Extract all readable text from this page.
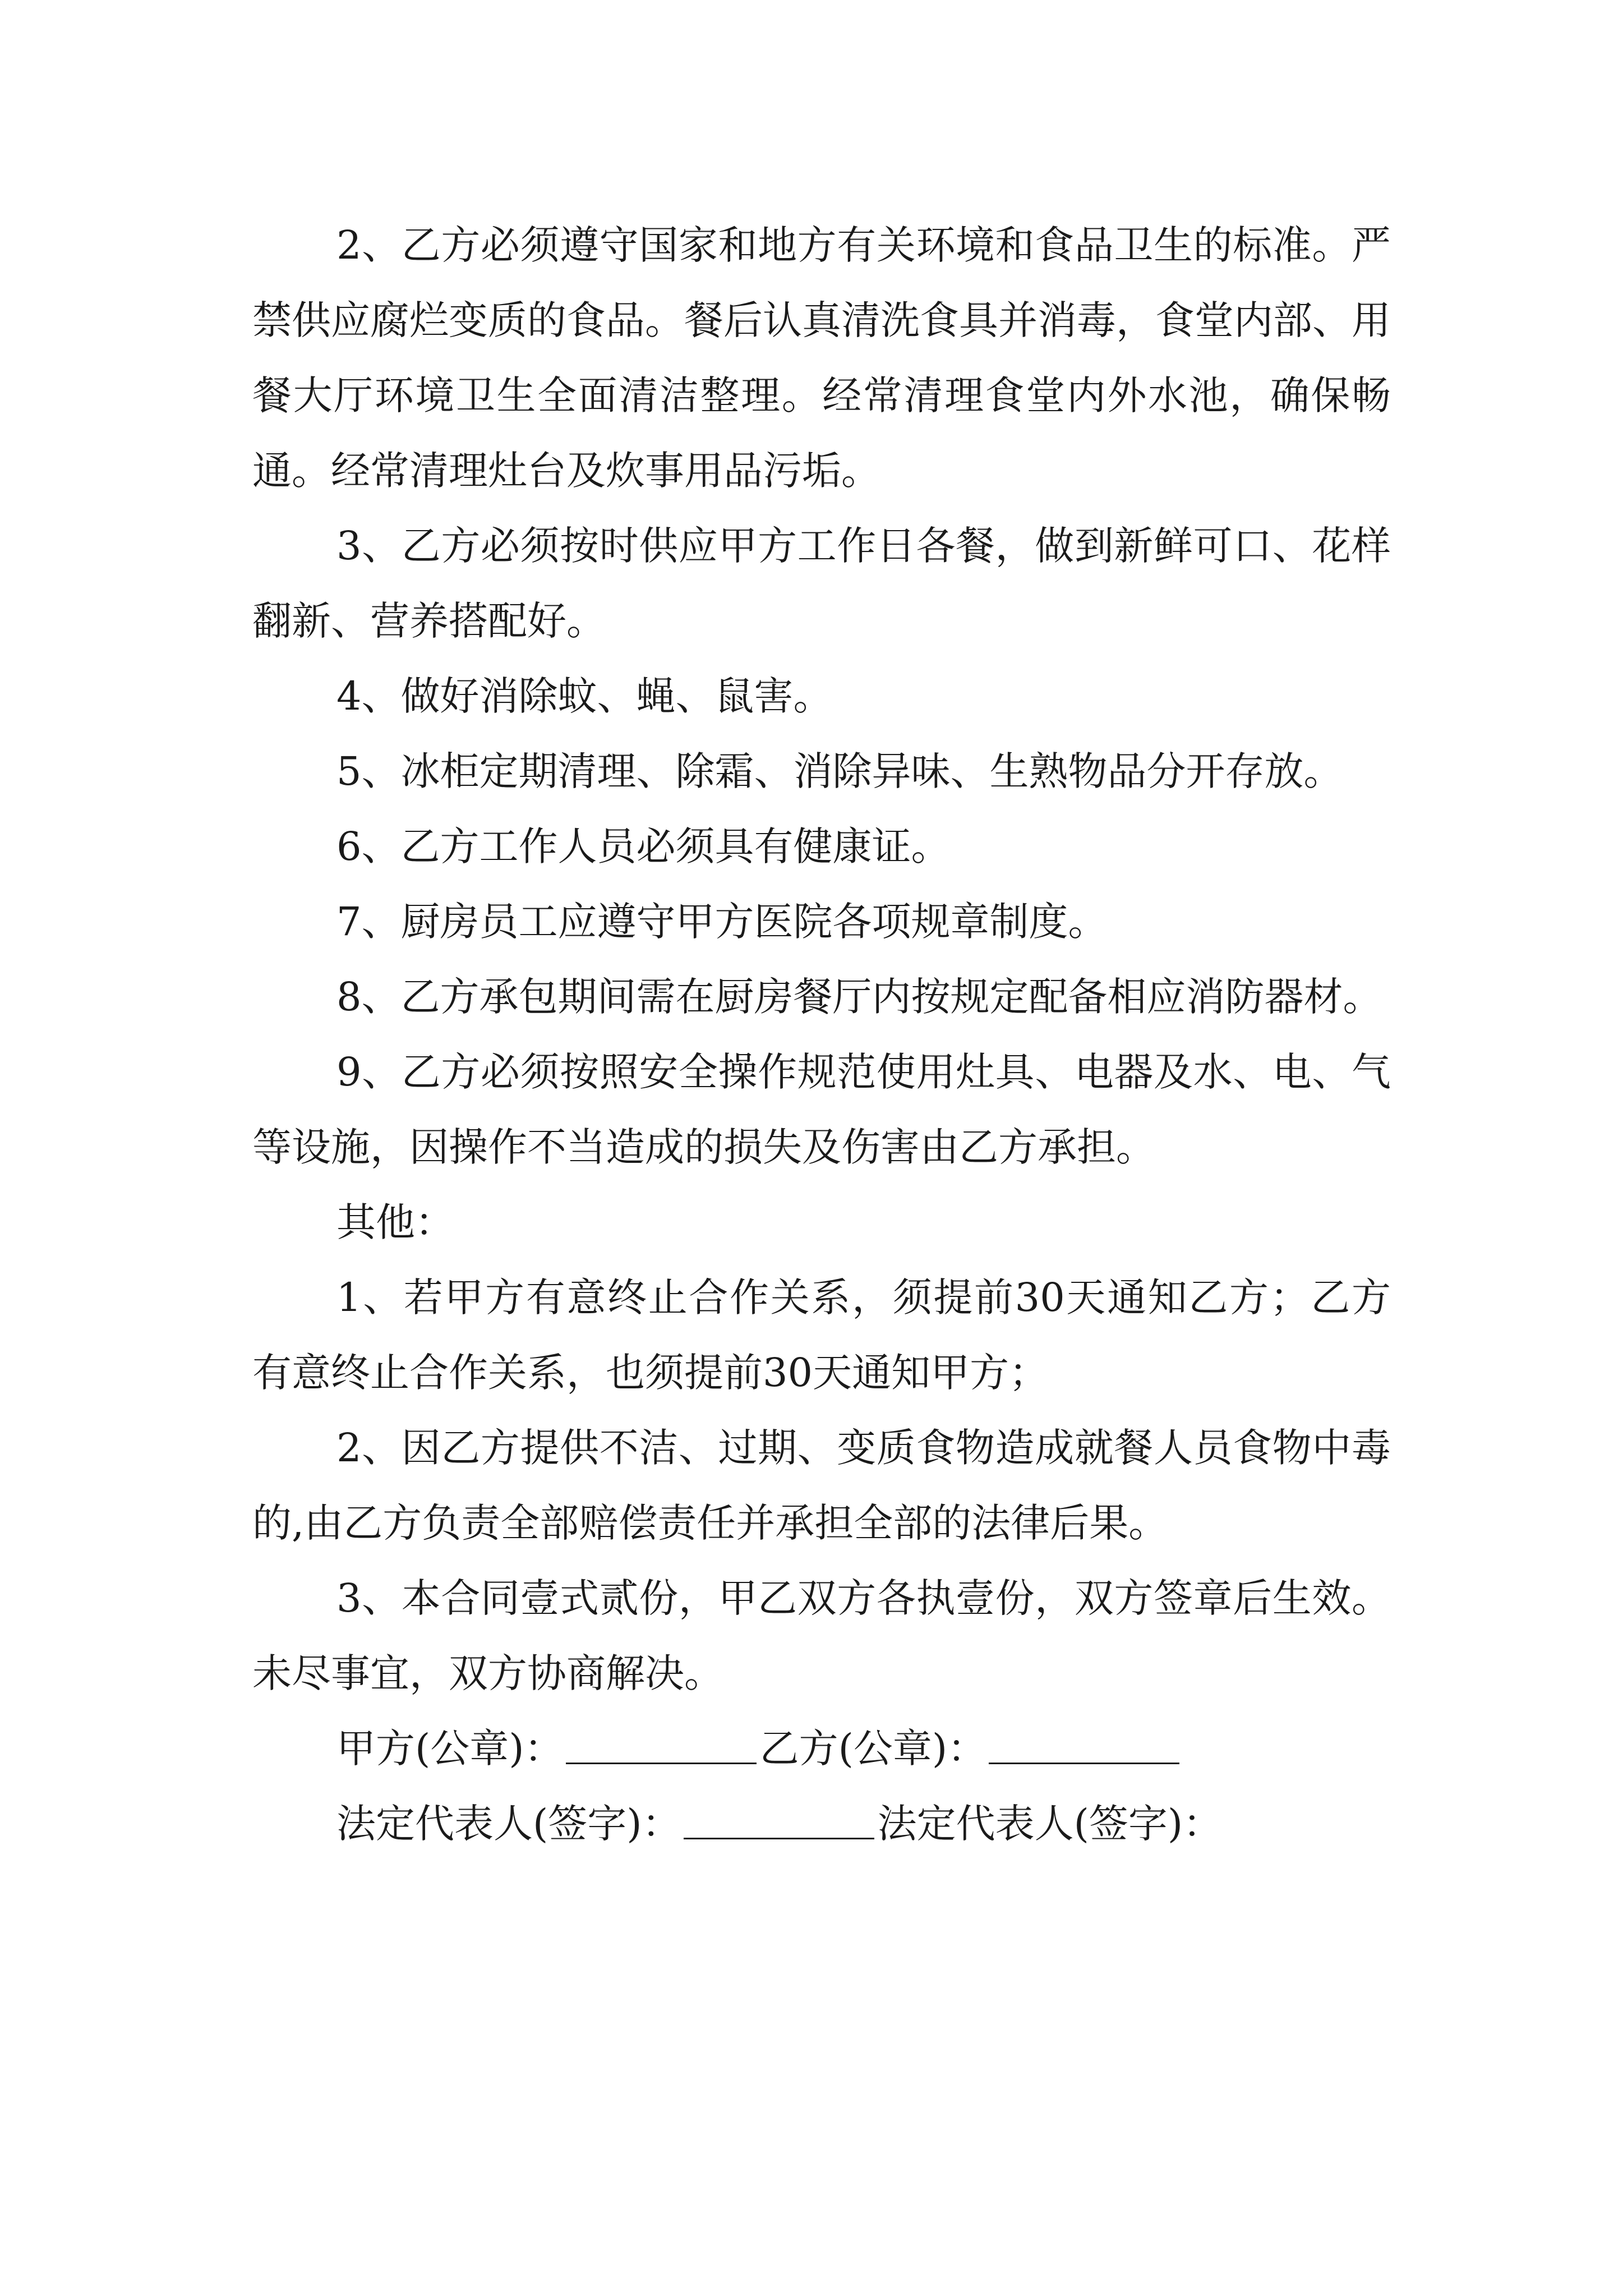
2、乙方必须遵守国家和地方有关环境和食品卫生的标准。严禁供应腐烂变质的食品。餐后认真清洗食具并消毒，食堂内部、用餐大厅环境卫生全面清洁整理。经常清理食堂内外水池，确保畅通。经常清理灶台及炊事用品污垢。

3、乙方必须按时供应甲方工作日各餐，做到新鲜可口、花样翻新、营养搭配好。

4、做好消除蚊、蝇、鼠害。

5、冰柜定期清理、除霜、消除异味、生熟物品分开存放。

6、乙方工作人员必须具有健康证。

7、厨房员工应遵守甲方医院各项规章制度。

8、乙方承包期间需在厨房餐厅内按规定配备相应消防器材。

9、乙方必须按照安全操作规范使用灶具、电器及水、电、气等设施，因操作不当造成的损失及伤害由乙方承担。

其他：

1、若甲方有意终止合作关系，须提前30天通知乙方；乙方有意终止合作关系，也须提前30天通知甲方；

2、因乙方提供不洁、过期、变质食物造成就餐人员食物中毒的,由乙方负责全部赔偿责任并承担全部的法律后果。

3、本合同壹式贰份，甲乙双方各执壹份，双方签章后生效。未尽事宜，双方协商解决。

甲方(公章)：	乙方(公章)：

法定代表人(签字)：	法定代表人(签字)：
